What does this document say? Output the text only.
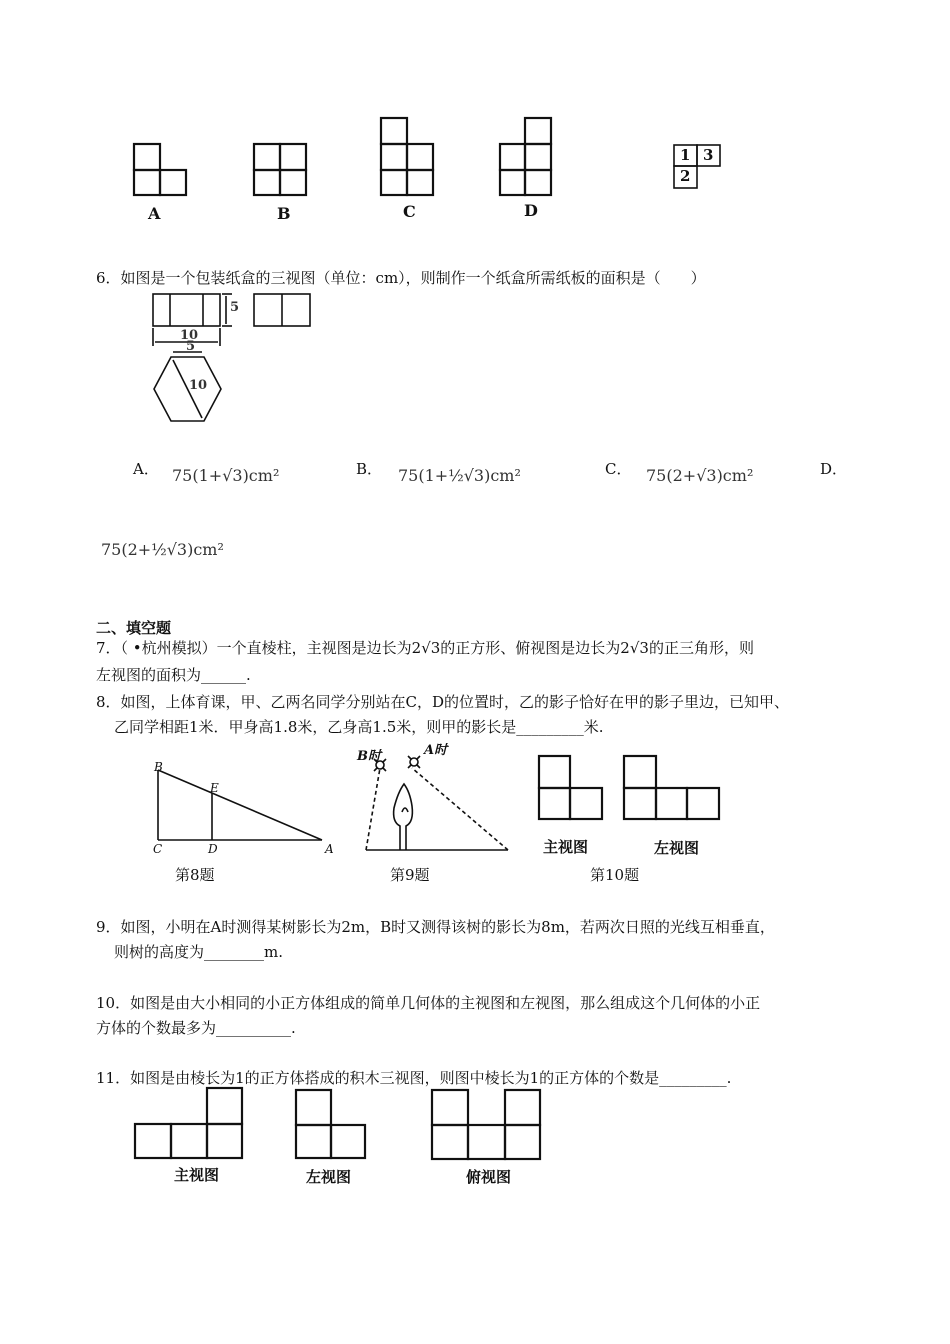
A	B	C	D
1 3
2
6．如图是一个包装纸盒的三视图（单位：cm），则制作一个纸盒所需纸板的面积是（　　）
5
10
5
10
A． 75(1+√3)cm²	B． 75(1+½√3)cm²	C． 75(2+√3)cm²	D．
75(2+½√3)cm²
二、填空题
7．（ •杭州模拟）一个直棱柱，主视图是边长为2√3的正方形、俯视图是边长为2√3的正三角形，则
左视图的面积为______.
8．如图，上体育课，甲、乙两名同学分别站在C，D的位置时，乙的影子恰好在甲的影子里边，已知甲、
乙同学相距1米．甲身高1.8米，乙身高1.5米，则甲的影长是_________米.
B
E
C	D	A
第8题
B时	A时
第9题
主视图	左视图
第10题
9．如图，小明在A时测得某树影长为2m，B时又测得该树的影长为8m，若两次日照的光线互相垂直，
则树的高度为________m.
10．如图是由大小相同的小正方体组成的简单几何体的主视图和左视图，那么组成这个几何体的小正
方体的个数最多为__________.
11．如图是由棱长为1的正方体搭成的积木三视图，则图中棱长为1的正方体的个数是_________.
主视图	左视图	俯视图
